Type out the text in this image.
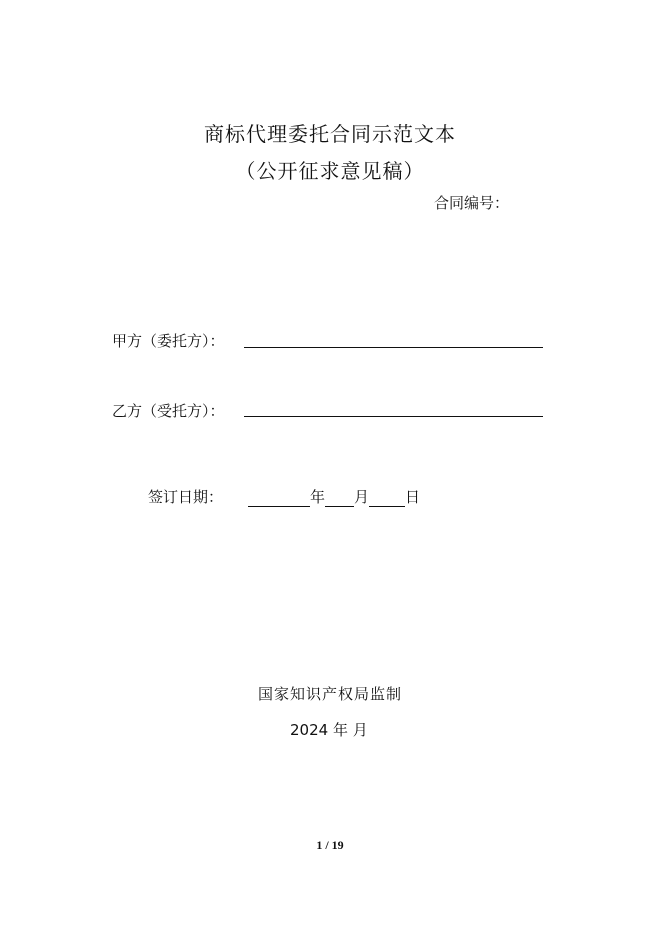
商标代理委托合同示范文本
（公开征求意见稿）
合同编号：
甲方（委托方）：
乙方（受托方）：
签订日期：	年 月 日
国家知识产权局监制
2024 年 月
1 / 19
